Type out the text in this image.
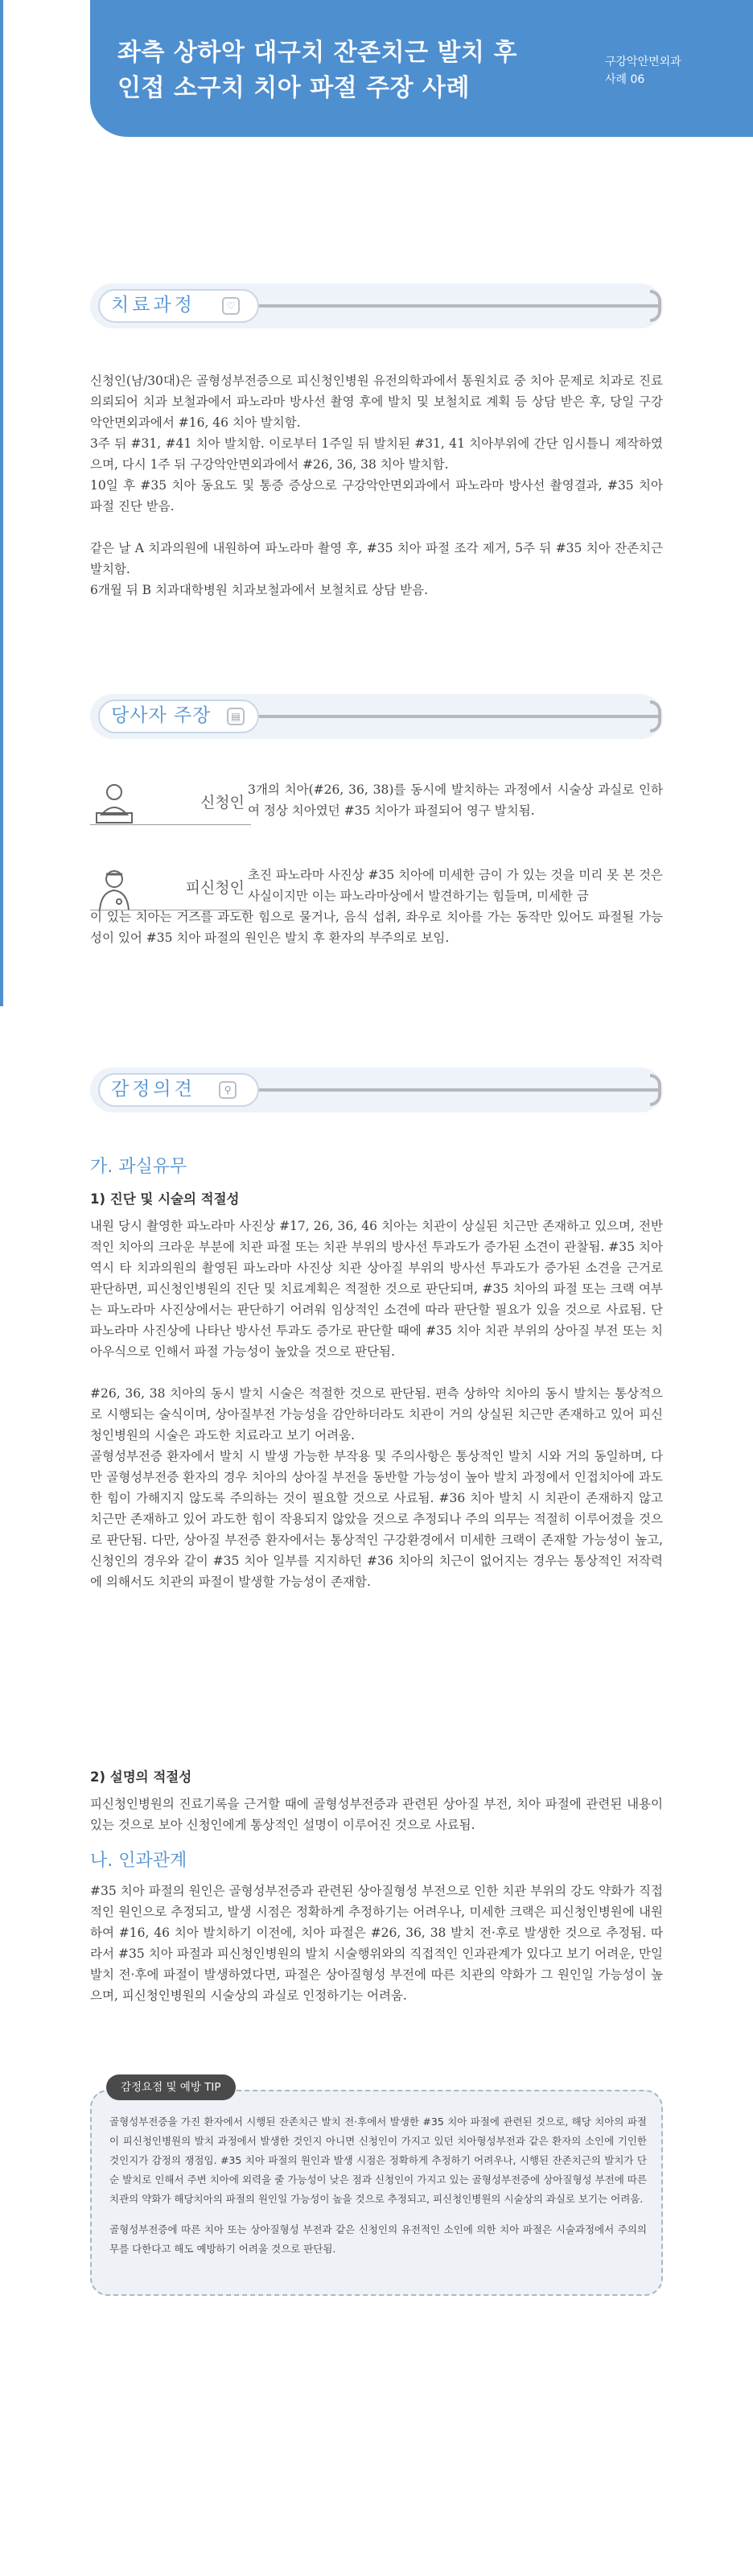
좌측 상하악 대구치 잔존치근 발치 후
인접 소구치 치아 파절 주장 사례
구강악안면외과
사례 06
치료과정	♡

신청인(남/30대)은 골형성부전증으로 피신청인병원 유전의학과에서 통원치료 중 치아 문제로 치과로 진료 의뢰되어 치과 보철과에서 파노라마 방사선 촬영 후에 발치 및 보철치료 계획 등 상담 받은 후, 당일 구강악안면외과에서 #16, 46 치아 발치함.

3주 뒤 #31, #41 치아 발치함. 이로부터 1주일 뒤 발치된 #31, 41 치아부위에 간단 임시틀니 제작하였으며, 다시 1주 뒤 구강악안면외과에서 #26, 36, 38 치아 발치함.

10일 후 #35 치아 동요도 및 통증 증상으로 구강악안면외과에서 파노라마 방사선 촬영결과, #35 치아 파절 진단 받음.

같은 날 A 치과의원에 내원하여 파노라마 촬영 후, #35 치아 파절 조각 제거, 5주 뒤 #35 치아 잔존치근 발치함.

6개월 뒤 B 치과대학병원 치과보철과에서 보철치료 상담 받음.

당사자 주장	▤
신청인
3개의 치아(#26, 36, 38)를 동시에 발치하는 과정에서 시술상 과실로 인하여 정상 치아였던 #35 치아가 파절되어 영구 발치됨.
피신청인
초진 파노라마 사진상 #35 치아에 미세한 금이 가 있는 것을 미리 못 본 것은 사실이지만 이는 파노라마상에서 발견하기는 힘들며, 미세한 금
이 있는 치아는 거즈를 과도한 힘으로 물거나, 음식 섭취, 좌우로 치아를 가는 동작만 있어도 파절될 가능성이 있어 #35 치아 파절의 원인은 발치 후 환자의 부주의로 보임.
감정의견	⚲
가. 과실유무
1) 진단 및 시술의 적절성

내원 당시 촬영한 파노라마 사진상 #17, 26, 36, 46 치아는 치관이 상실된 치근만 존재하고 있으며, 전반적인 치아의 크라운 부분에 치관 파절 또는 치관 부위의 방사선 투과도가 증가된 소견이 관찰됨. #35 치아 역시 타 치과의원의 촬영된 파노라마 사진상 치관 상아질 부위의 방사선 투과도가 증가된 소견을 근거로 판단하면, 피신청인병원의 진단 및 치료계획은 적절한 것으로 판단되며, #35 치아의 파절 또는 크랙 여부는 파노라마 사진상에서는 판단하기 어려워 임상적인 소견에 따라 판단할 필요가 있을 것으로 사료됨. 단 파노라마 사진상에 나타난 방사선 투과도 증가로 판단할 때에 #35 치아 치관 부위의 상아질 부전 또는 치아우식으로 인해서 파절 가능성이 높았을 것으로 판단됨.

#26, 36, 38 치아의 동시 발치 시술은 적절한 것으로 판단됨. 편측 상하악 치아의 동시 발치는 통상적으로 시행되는 술식이며, 상아질부전 가능성을 감안하더라도 치관이 거의 상실된 치근만 존재하고 있어 피신청인병원의 시술은 과도한 치료라고 보기 어려움.

골형성부전증 환자에서 발치 시 발생 가능한 부작용 및 주의사항은 통상적인 발치 시와 거의 동일하며, 다만 골형성부전증 환자의 경우 치아의 상아질 부전을 동반할 가능성이 높아 발치 과정에서 인접치아에 과도한 힘이 가해지지 않도록 주의하는 것이 필요할 것으로 사료됨. #36 치아 발치 시 치관이 존재하지 않고 치근만 존재하고 있어 과도한 힘이 작용되지 않았을 것으로 추정되나 주의 의무는 적절히 이루어졌을 것으로 판단됨. 다만, 상아질 부전증 환자에서는 통상적인 구강환경에서 미세한 크랙이 존재할 가능성이 높고, 신청인의 경우와 같이 #35 치아 일부를 지지하던 #36 치아의 치근이 없어지는 경우는 통상적인 저작력에 의해서도 치관의 파절이 발생할 가능성이 존재함.

2) 설명의 적절성

피신청인병원의 진료기록을 근거할 때에 골형성부전증과 관련된 상아질 부전, 치아 파절에 관련된 내용이 있는 것으로 보아 신청인에게 통상적인 설명이 이루어진 것으로 사료됨.

나. 인과관계

#35 치아 파절의 원인은 골형성부전증과 관련된 상아질형성 부전으로 인한 치관 부위의 강도 약화가 직접적인 원인으로 추정되고, 발생 시점은 정확하게 추정하기는 어려우나, 미세한 크랙은 피신청인병원에 내원하여 #16, 46 치아 발치하기 이전에, 치아 파절은 #26, 36, 38 발치 전·후로 발생한 것으로 추정됨. 따라서 #35 치아 파절과 피신청인병원의 발치 시술행위와의 직접적인 인과관계가 있다고 보기 어려운, 만일 발치 전·후에 파절이 발생하였다면, 파절은 상아질형성 부전에 따른 치관의 약화가 그 원인일 가능성이 높으며, 피신청인병원의 시술상의 과실로 인정하기는 어려움.

감정요점 및 예방 TIP

골형성부전증을 가진 환자에서 시행된 잔존치근 발치 전·후에서 발생한 #35 치아 파절에 관련된 것으로, 해당 치아의 파절이 피신청인병원의 발치 과정에서 발생한 것인지 아니면 신청인이 가지고 있던 치아형성부전과 같은 환자의 소인에 기인한 것인지가 감정의 쟁점임. #35 치아 파절의 원인과 발생 시점은 정확하게 추정하기 어려우나, 시행된 잔존치근의 발치가 단순 발치로 인해서 주변 치아에 외력을 줄 가능성이 낮은 점과 신청인이 가지고 있는 골형성부전증에 상아질형성 부전에 따른 치관의 약화가 해당치아의 파절의 원인일 가능성이 높을 것으로 추정되고, 피신청인병원의 시술상의 과실로 보기는 어려움.

골형성부전증에 따른 치아 또는 상아질형성 부전과 같은 신청인의 유전적인 소인에 의한 치아 파절은 시술과정에서 주의의무를 다한다고 해도 예방하기 어려울 것으로 판단됨.
